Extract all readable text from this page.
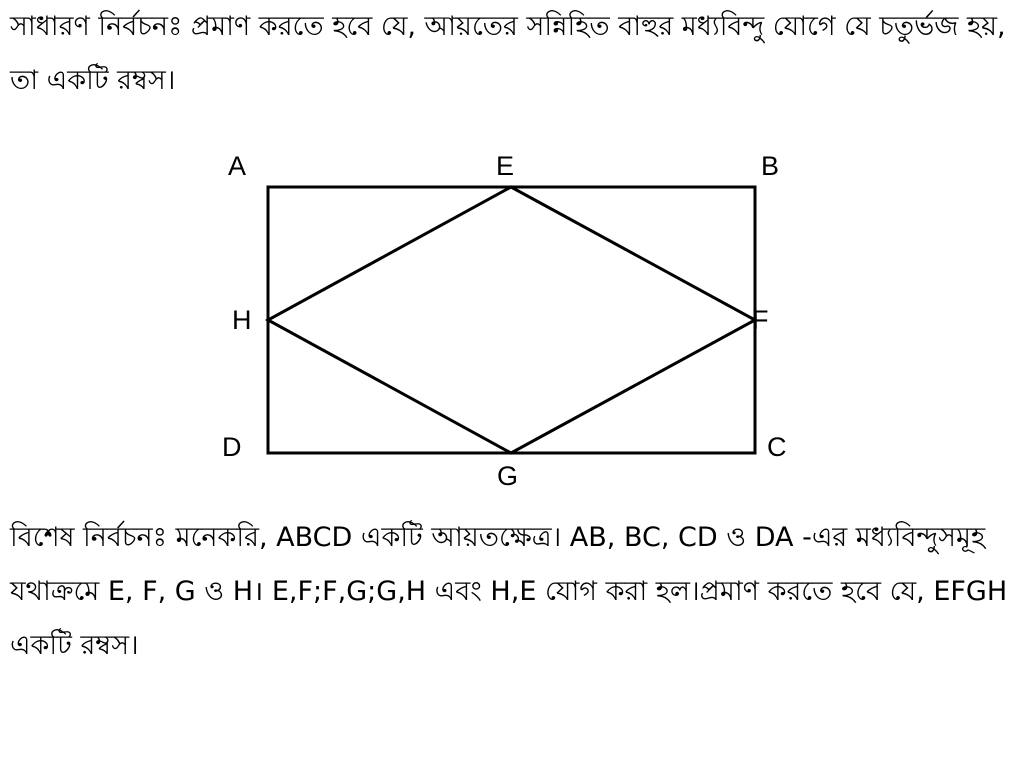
সাধারণ নির্বচনঃ প্রমাণ করতে হবে যে, আয়তের সন্নিহিত বাহুর মধ্যবিন্দু যোগে যে চতুর্ভজ হয়, তা একটি রম্বস।

A	E	B
H	F
D	C
G

বিশেষ নির্বচনঃ মনেকরি, ABCD একটি আয়তক্ষেত্র। AB, BC, CD ও DA -এর মধ্যবিন্দুসমূহ যথাক্রমে E, F, G ও H। E,F;F,G;G,H এবং H,E যোগ করা হল।প্রমাণ করতে হবে যে, EFGH একটি রম্বস।
